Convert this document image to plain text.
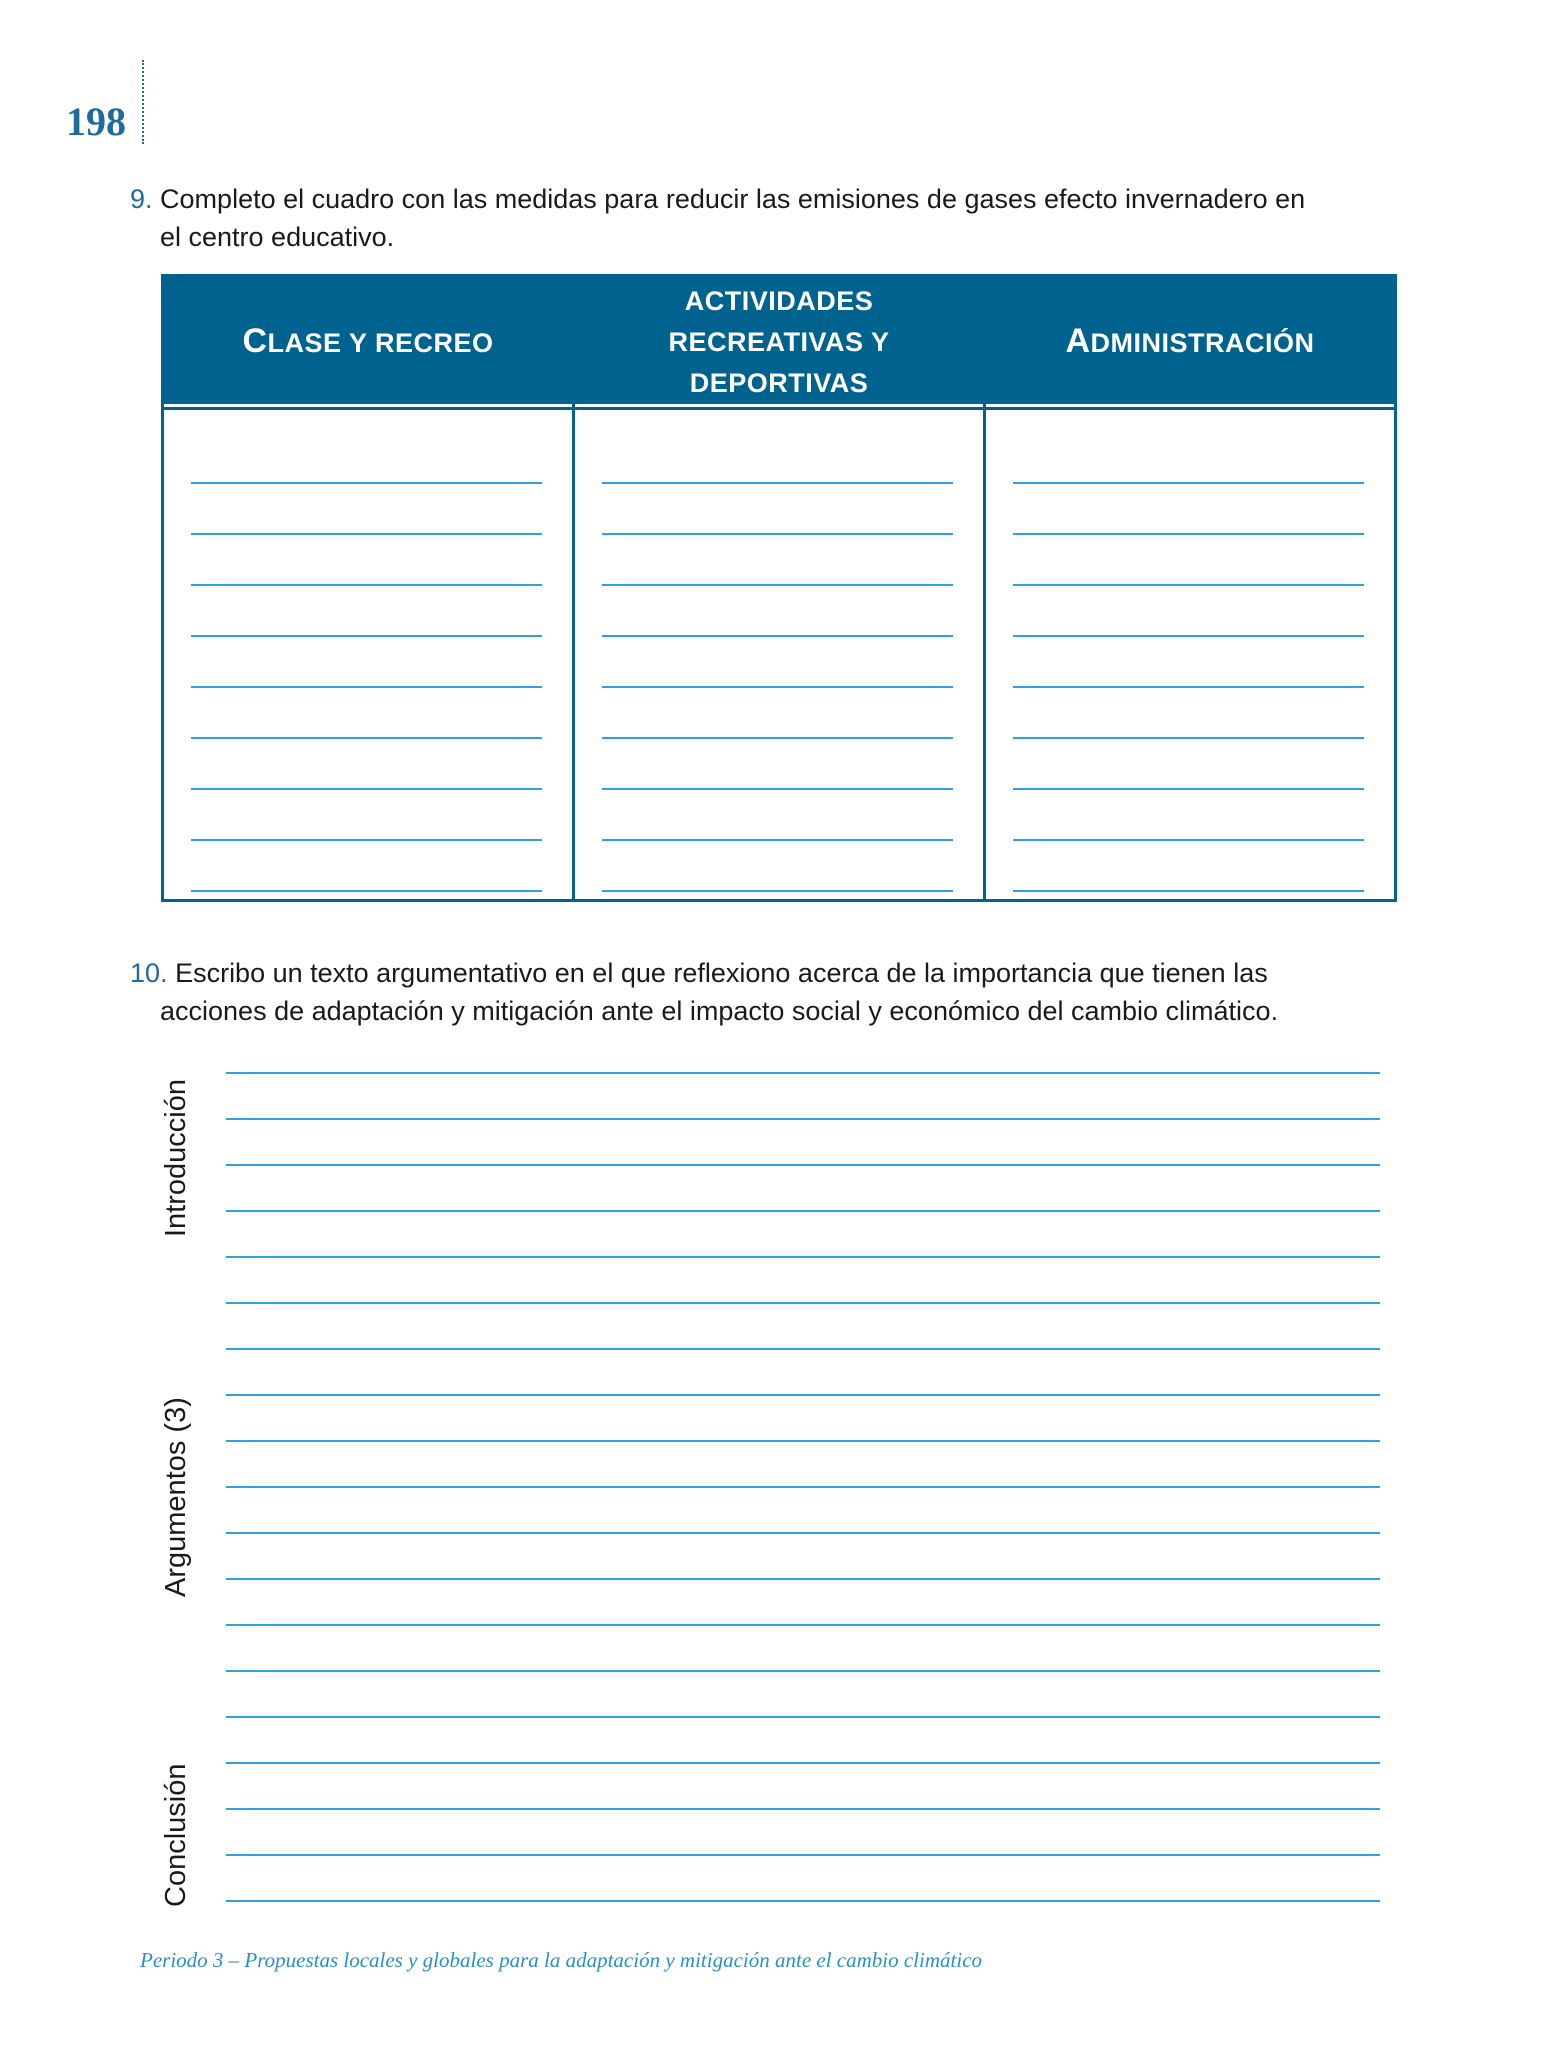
198
9. Completo el cuadro con las medidas para reducir las emisiones de gases efecto invernadero en
el centro educativo.
CLASE Y RECREO
ACTIVIDADES
RECREATIVAS Y
DEPORTIVAS
ADMINISTRACIÓN
10. Escribo un texto argumentativo en el que reflexiono acerca de la importancia que tienen las
acciones de adaptación y mitigación ante el impacto social y económico del cambio climático.
Introducción
Argumentos (3)
Conclusión
Periodo 3 – Propuestas locales y globales para la adaptación y mitigación ante el cambio climático
